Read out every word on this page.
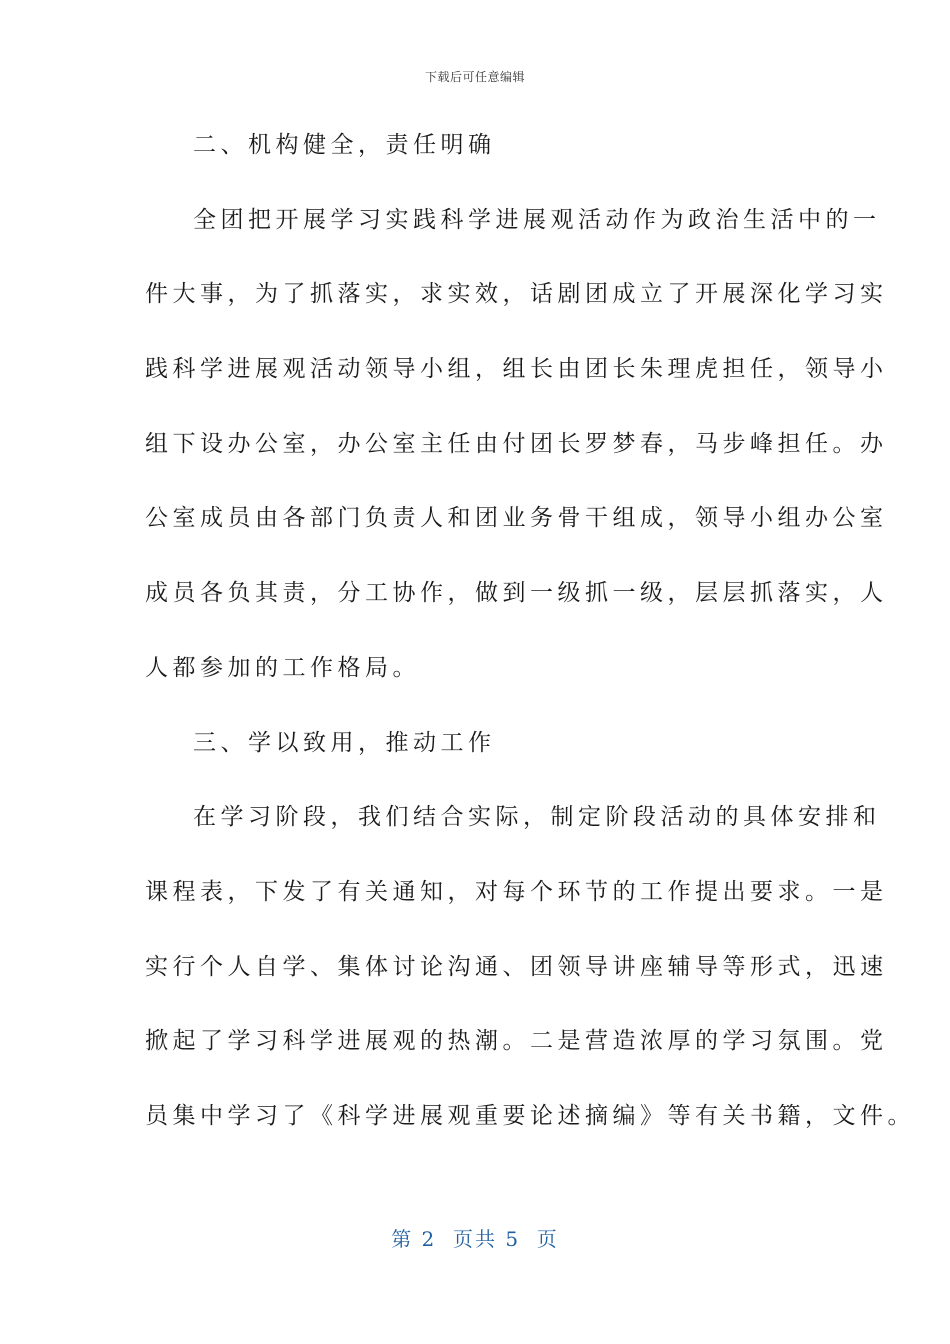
下载后可任意编辑
二、机构健全，责任明确
全团把开展学习实践科学进展观活动作为政治生活中的一
件大事，为了抓落实，求实效，话剧团成立了开展深化学习实
践科学进展观活动领导小组，组长由团长朱理虎担任，领导小
组下设办公室，办公室主任由付团长罗梦春，马步峰担任。办
公室成员由各部门负责人和团业务骨干组成，领导小组办公室
成员各负其责，分工协作，做到一级抓一级，层层抓落实，人
人都参加的工作格局。
三、学以致用，推动工作
在学习阶段，我们结合实际，制定阶段活动的具体安排和
课程表，下发了有关通知，对每个环节的工作提出要求。一是
实行个人自学、集体讨论沟通、团领导讲座辅导等形式，迅速
掀起了学习科学进展观的热潮。二是营造浓厚的学习氛围。党
员集中学习了《科学进展观重要论述摘编》等有关书籍，文件。
第 2  页共 5  页
